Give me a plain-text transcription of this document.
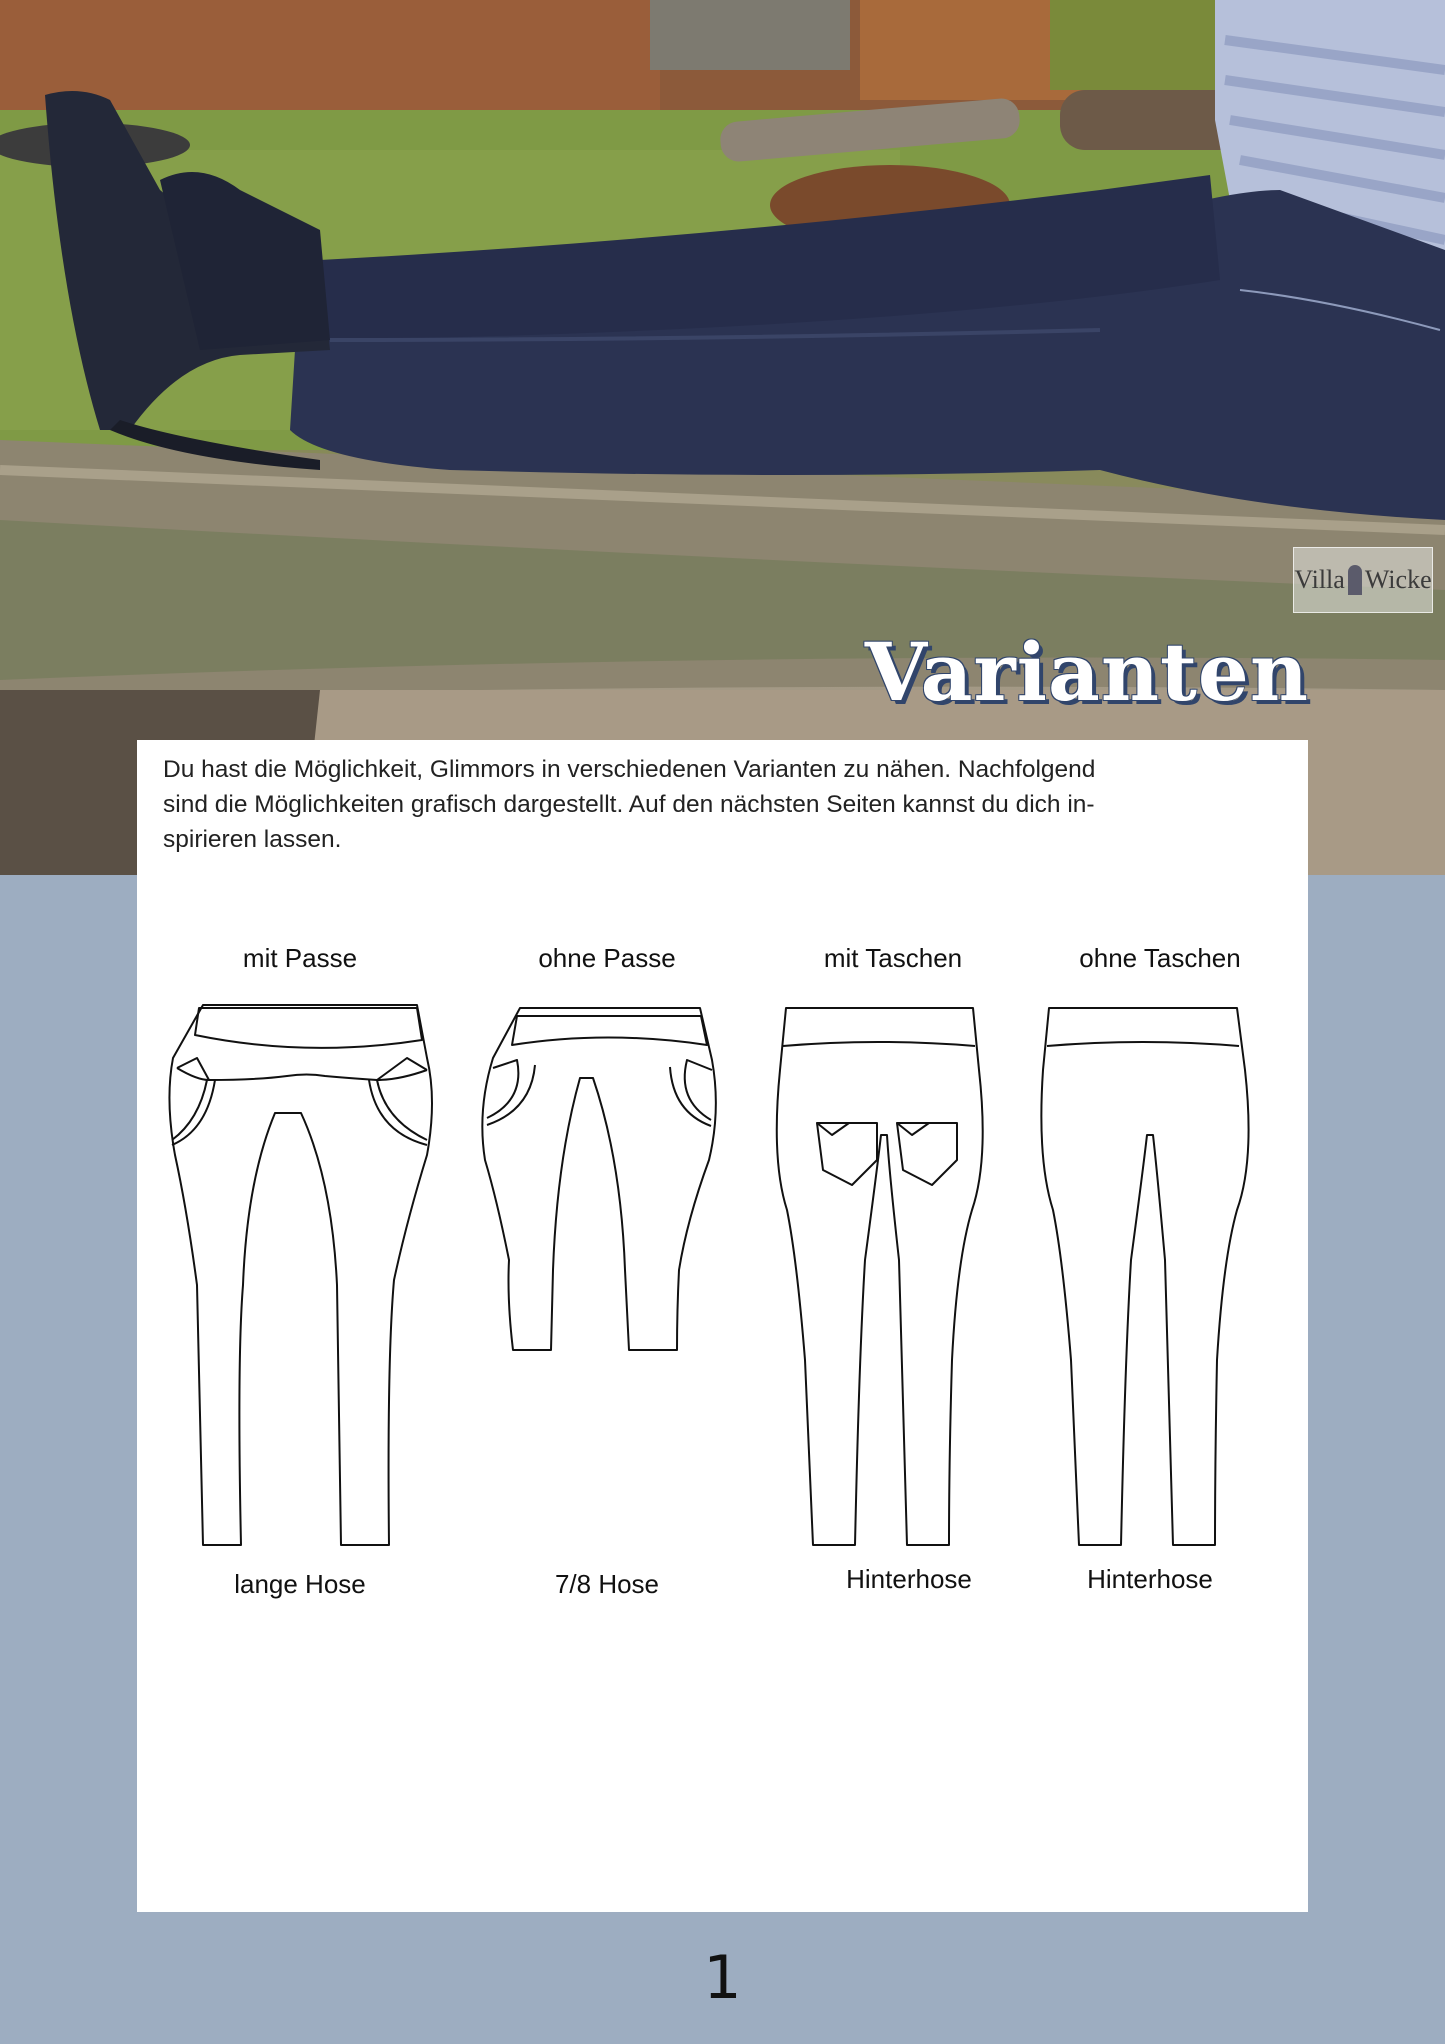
Villa Wicke

Du hast die Möglichkeit, Glimmors in verschiedenen Varianten zu nähen. Nachfolgend

sind die Möglichkeiten grafisch dargestellt. Auf den nächsten Seiten kannst du dich in-

spirieren lassen.

mit Passe	ohne Passe	mit Taschen	ohne Taschen
lange Hose	7/8 Hose	Hinterhose	Hinterhose
Varianten
1
